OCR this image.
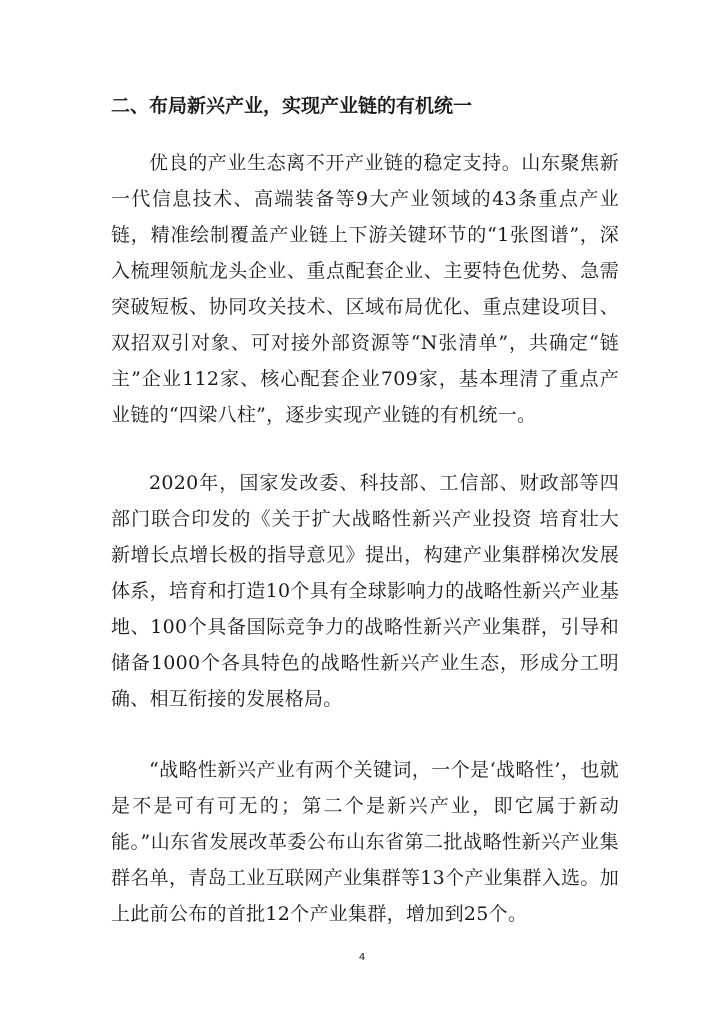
二、布局新兴产业，实现产业链的有机统一

优良的产业生态离不开产业链的稳定支持。山东聚焦新一代信息技术、高端装备等9大产业领域的43条重点产业链，精准绘制覆盖产业链上下游关键环节的“1张图谱”，深入梳理领航龙头企业、重点配套企业、主要特色优势、急需突破短板、协同攻关技术、区域布局优化、重点建设项目、双招双引对象、可对接外部资源等“N张清单”，共确定“链主”企业112家、核心配套企业709家，基本理清了重点产业链的“四梁八柱”，逐步实现产业链的有机统一。

2020年，国家发改委、科技部、工信部、财政部等四部门联合印发的《关于扩大战略性新兴产业投资 培育壮大新增长点增长极的指导意见》提出，构建产业集群梯次发展体系，培育和打造10个具有全球影响力的战略性新兴产业基地、100个具备国际竞争力的战略性新兴产业集群，引导和储备1000个各具特色的战略性新兴产业生态，形成分工明确、相互衔接的发展格局。

“战略性新兴产业有两个关键词，一个是‘战略性’，也就是不是可有可无的；第二个是新兴产业，即它属于新动能。”山东省发展改革委公布山东省第二批战略性新兴产业集群名单，青岛工业互联网产业集群等13个产业集群入选。加上此前公布的首批12个产业集群，增加到25个。

4
